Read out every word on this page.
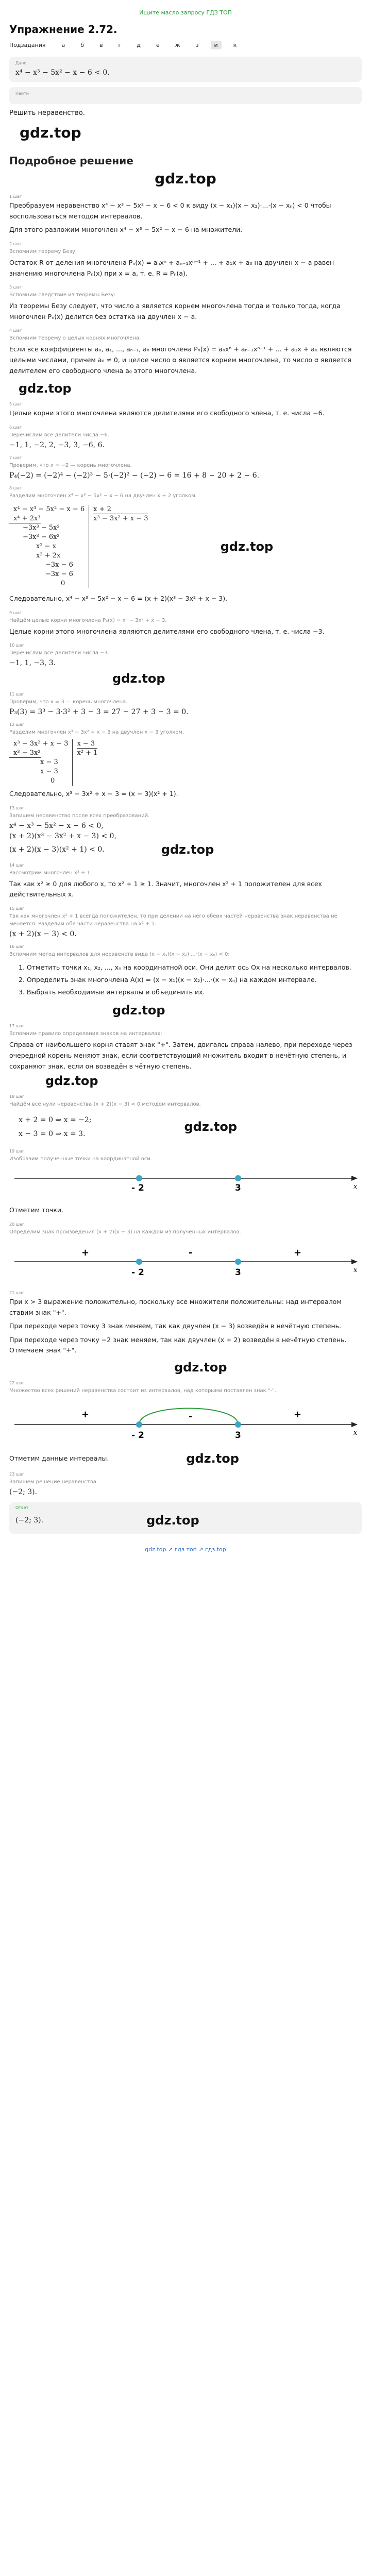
Ищите масло запросу ГДЗ ТОП
Упражнение 2.72.
Подзадания	а	б	в	г	д	е	ж	з	и	к
Дано
x⁴ − x³ − 5x² − x − 6 < 0.
Найти
Решить неравенство.
gdz.top
Подробное решение
gdz.top
1 шаг

Преобразуем неравенство x⁴ − x³ − 5x² − x − 6 < 0 к виду (x − x₁)(x − x₂)·...·(x − xₙ) < 0 чтобы воспользоваться методом интервалов.

Для этого разложим многочлен x⁴ − x³ − 5x² − x − 6 на множители.

2 шаг
Вспомним теорему Безу:

Остаток R от деления многочлена Pₙ(x) = aₙxⁿ + aₙ₋₁xⁿ⁻¹ + ... + a₁x + a₀ на двучлен x − a равен значению многочлена Pₙ(x) при x = a, т. е. R = Pₙ(a).

3 шаг
Вспомним следствие из теоремы Безу:

Из теоремы Безу следует, что число a является корнем многочлена тогда и только тогда, когда многочлен Pₙ(x) делится без остатка на двучлен x − a.

4 шаг
Вспомним теорему о целых корнях многочлена:

Если все коэффициенты a₀, a₁, ..., aₙ₋₁, aₙ многочлена Pₙ(x) = aₙxⁿ + aₙ₋₁xⁿ⁻¹ + ... + a₁x + a₀ являются целыми числами, причем a₀ ≠ 0, и целое число α является корнем многочлена, то число α является делителем его свободного члена a₀ этого многочлена.

gdz.top
5 шаг

Целые корни этого многочлена являются делителями его свободного члена, т. е. числа −6.

6 шаг
Перечислим все делители числа −6.
−1, 1, −2, 2, −3, 3, −6, 6.
7 шаг
Проверим, что x = −2 — корень многочлена.
P₄(−2) = (−2)⁴ − (−2)³ − 5·(−2)² − (−2) − 6 = 16 + 8 − 20 + 2 − 6.
8 шаг
Разделим многочлен x⁴ − x³ − 5x² − x − 6 на двучлен x + 2 уголком.
x⁴ − x³ − 5x² − x − 6
x⁴ + 2x³
−3x³ − 5x²
−3x³ − 6x²
x² − x
x² + 2x
−3x − 6
−3x − 6
0
x + 2
x³ − 3x² + x − 3
gdz.top

Следовательно, x⁴ − x³ − 5x² − x − 6 = (x + 2)(x³ − 3x² + x − 3).

9 шаг
Найдём целые корни многочлена P₃(x) = x³ − 3x² + x − 3.

Целые корни этого многочлена являются делителями его свободного члена, т. е. числа −3.

10 шаг
Перечислим все делители числа −3.
−1, 1, −3, 3.
gdz.top
11 шаг
Проверим, что x = 3 — корень многочлена.
P₃(3) = 3³ − 3·3² + 3 − 3 = 27 − 27 + 3 − 3 = 0.
12 шаг
Разделим многочлен x³ − 3x² + x − 3 на двучлен x − 3 уголком.
x³ − 3x² + x − 3
x³ − 3x²
x − 3
x − 3
0
x − 3
x² + 1

Следовательно, x³ − 3x² + x − 3 = (x − 3)(x² + 1).

13 шаг
Запишем неравенство после всех преобразований.
x⁴ − x³ − 5x² − x − 6 < 0,
(x + 2)(x³ − 3x² + x − 3) < 0,
(x + 2)(x − 3)(x² + 1) < 0.	gdz.top
14 шаг
Рассмотрим многочлен x² + 1.

Так как x² ≥ 0 для любого x, то x² + 1 ≥ 1. Значит, многочлен x² + 1 положителен для всех действительных x.

15 шаг
Так как многочлен x² + 1 всегда положителен, то при делении на него обеих частей неравенства знак неравенства не меняется. Разделим обе части неравенства на x² + 1.
(x + 2)(x − 3) < 0.
16 шаг
Вспомним метод интервалов для неравенств вида (x − x₁)(x − x₂)·...·(x − xₙ) < 0:
1. Отметить точки x₁, x₂, ..., xₙ на координатной оси. Они делят ось Ox на несколько интервалов.
2. Определить знак многочлена A(x) = (x − x₁)(x − x₂)·...·(x − xₙ) на каждом интервале.
3. Выбрать необходимые интервалы и объединить их.
gdz.top
17 шаг
Вспомним правило определения знаков на интервалах:

Справа от наибольшего корня ставят знак "+". Затем, двигаясь справа налево, при переходе через очередной корень меняют знак, если соответствующий множитель входит в нечётную степень, и сохраняют знак, если он возведён в чётную степень.

gdz.top
18 шаг
Найдём все нули неравенства (x + 2)(x − 3) < 0 методом интервалов.
x + 2 = 0 ⇒ x = −2;
x − 3 = 0 ⇒ x = 3.	gdz.top
19 шаг
Изобразим полученные точки на координатной оси.
x
- 2	3

Отметим точки.

20 шаг
Определим знак произведения (x + 2)(x − 3) на каждом из полученных интервалов.
+	-	+
x
- 2	3
21 шаг

При x > 3 выражение положительно, поскольку все множители положительны: над интервалом ставим знак "+".

При переходе через точку 3 знак меняем, так как двучлен (x − 3) возведён в нечётную степень.

При переходе через точку −2 знак меняем, так как двучлен (x + 2) возведён в нечётную степень. Отмечаем знак "+".

gdz.top
22 шаг
Множество всех решений неравенства состоит из интервалов, над которыми поставлен знак "-".
+	-	+
x
- 2	3

Отметим данные интервалы.	gdz.top
23 шаг
Запишем решение неравенства.
(−2; 3).
Ответ
(−2; 3).	gdz.top
gdz.top ↗ гдз топ ↗ гдз.top
